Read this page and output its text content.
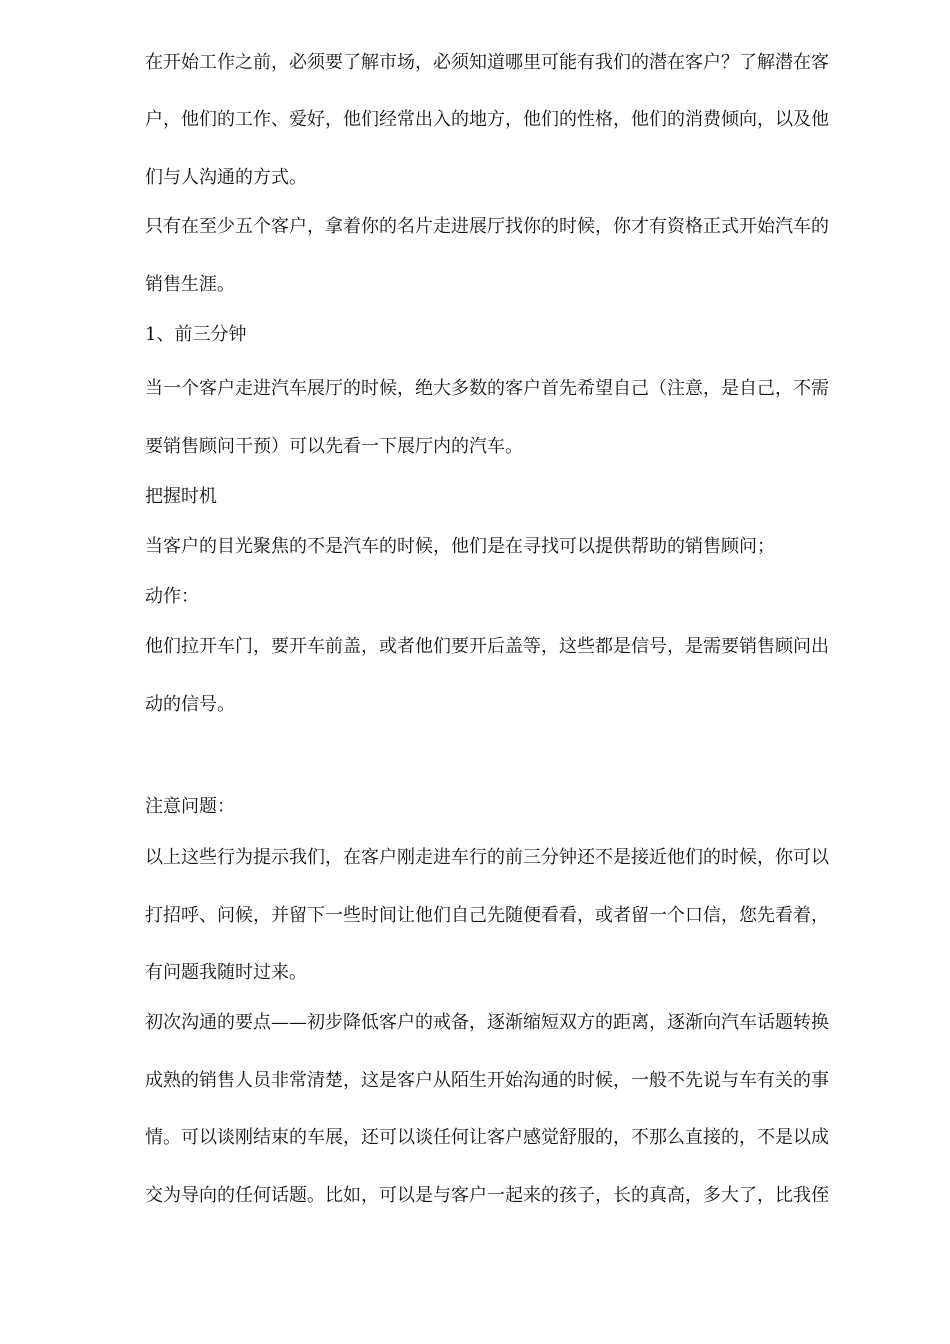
在开始工作之前，必须要了解市场，必须知道哪里可能有我们的潜在客户？了解潜在客
户，他们的工作、爱好，他们经常出入的地方，他们的性格，他们的消费倾向，以及他
们与人沟通的方式。
只有在至少五个客户，拿着你的名片走进展厅找你的时候，你才有资格正式开始汽车的
销售生涯。
1、前三分钟
当一个客户走进汽车展厅的时候，绝大多数的客户首先希望自己（注意，是自己，不需
要销售顾问干预）可以先看一下展厅内的汽车。
把握时机
当客户的目光聚焦的不是汽车的时候，他们是在寻找可以提供帮助的销售顾问；
动作：
他们拉开车门，要开车前盖，或者他们要开后盖等，这些都是信号，是需要销售顾问出
动的信号。
注意问题：
以上这些行为提示我们，在客户刚走进车行的前三分钟还不是接近他们的时候，你可以
打招呼、问候，并留下一些时间让他们自己先随便看看，或者留一个口信，您先看着，
有问题我随时过来。
初次沟通的要点——初步降低客户的戒备，逐渐缩短双方的距离，逐渐向汽车话题转换
成熟的销售人员非常清楚，这是客户从陌生开始沟通的时候，一般不先说与车有关的事
情。可以谈刚结束的车展，还可以谈任何让客户感觉舒服的，不那么直接的，不是以成
交为导向的任何话题。比如，可以是与客户一起来的孩子，长的真高，多大了，比我侄
